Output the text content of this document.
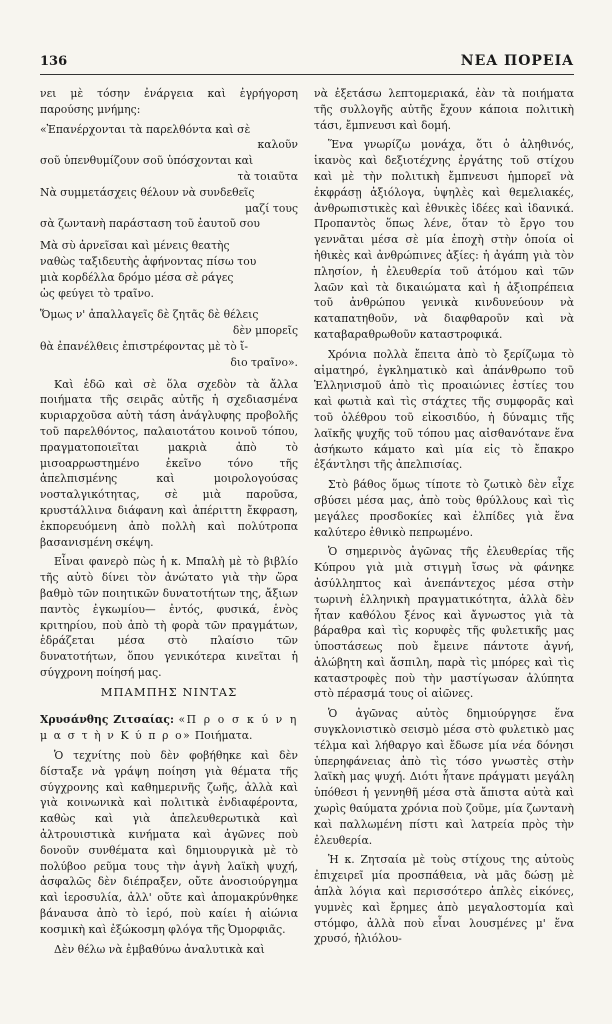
136	ΝΕΑ ΠΟΡΕΙΑ

νει μὲ τόσην ἐνάργεια καὶ ἐγρήγορση παρούσης μνήμης:

«Ἐπανέρχονται τὰ παρελθόντα καὶ σὲ
καλοῦν
σοῦ ὑπενθυμίζουν σοῦ ὑπόσχονται καὶ
τὰ τοιαῦτα
Νὰ συμμετάσχεις θέλουν νὰ συνδεθεῖς
μαζί τους
σὰ ζωντανὴ παράσταση τοῦ ἐαυτοῦ σου
Μὰ σὺ ἀρνεῖσαι καὶ μένεις θεατὴς
ναθὼς ταξιδευτὴς ἀφήνοντας πίσω του
μιὰ κορδέλλα δρόμο μέσα σὲ ράγες
ὡς φεύγει τὸ τραῖνο.
Ὅμως ν' ἀπαλλαγεῖς δὲ ζητᾶς δὲ θέλεις
δὲν μπορεῖς
θὰ ἐπανέλθεις ἐπιστρέφοντας μὲ τὸ ἴ-
διο τραῖνο».

Καὶ ἐδῶ καὶ σὲ ὅλα σχεδὸν τὰ ἄλλα ποιήματα τῆς σειρᾶς αὐτῆς ἡ σχεδιασμένα κυριαρχοῦσα αὐτὴ τάση ἀνάγλυφης προβολῆς τοῦ παρελθόντος, παλαιοτάτου κοινοῦ τόπου, πραγματοποιεῖται μακριὰ ἀπὸ τὸ μισοαρρωστημένο ἐκεῖνο τόνο τῆς ἀπελπισμένης καὶ μοιρολογούσας νοσταλγικότητας, σὲ μιὰ παροῦσα, κρυστάλλινα διάφανη καὶ ἀπέριττη ἔκφραση, ἐκπορευόμενη ἀπὸ πολλὴ καὶ πολύτροπα βασανισμένη σκέψη.

Εἶναι φανερὸ πὼς ἡ κ. Μπαλὴ μὲ τὸ βιβλίο τῆς αὐτὸ δίνει τὸν ἀνώτατο γιὰ τὴν ὥρα βαθμὸ τῶν ποιητικῶν δυνατοτήτων της, ἄξιων παντὸς ἐγκωμίου— ἐντός, φυσικά, ἑνὸς κριτηρίου, ποὺ ἀπὸ τὴ φορὰ τῶν πραγμάτων, ἑδράζεται μέσα στὸ πλαίσιο τῶν δυνατοτήτων, ὅπου γενικότερα κινεῖται ἡ σύγχρονη ποίησή μας.

ΜΠΑΜΠΗΣ ΝΙΝΤΑΣ

Χρυσάνθης Ζιτσαίας: «Π ρ ο σ κ ύ ν η μ α σ τ ὴ ν Κ ύ π ρ ο» Ποιήματα.

Ὁ τεχνίτης ποὺ δὲν φοβήθηκε καὶ δὲν δίσταξε νὰ γράψη ποίηση γιὰ θέματα τῆς σύγχρονης καὶ καθημερινῆς ζωῆς, ἀλλὰ καὶ γιὰ κοινωνικὰ καὶ πολιτικὰ ἐνδιαφέροντα, καθὼς καὶ γιὰ ἀπελευθερωτικὰ καὶ ἀλτρουιστικὰ κινήματα καὶ ἀγῶνες ποὺ δονοῦν συνθέματα καὶ δημιουργικὰ μὲ τὸ πολύβοο ρεῦμα τους τὴν ἀγνὴ λαϊκὴ ψυχή, ἀσφαλῶς δὲν διέπραξεν, οὔτε ἀνοσιούργημα καὶ ἱεροσυλία, ἀλλ' οὔτε καὶ ἀπομακρύνθηκε βάναυσα ἀπὸ τὸ ἱερό, ποὺ καίει ἡ αἰώνια κοσμικὴ καὶ ἐξώκοσμη φλόγα τῆς Ὀμορφιᾶς.

Δὲν θέλω νὰ ἐμβαθύνω ἀναλυτικὰ καὶ

νὰ ἐξετάσω λεπτομεριακά, ἐὰν τὰ ποιήματα τῆς συλλογῆς αὐτῆς ἔχουν κάποια πολιτικὴ τάσι, ἔμπνευσι καὶ δομή.

Ἕνα γνωρίζω μονάχα, ὅτι ὁ ἀληθινός, ἱκανὸς καὶ δεξιοτέχνης ἐργάτης τοῦ στίχου καὶ μὲ τὴν πολιτικὴ ἔμπνευσι ἡμπορεῖ νὰ ἐκφράσῃ ἀξιόλογα, ὑψηλὲς καὶ θεμελιακές, ἀνθρωπιστικὲς καὶ ἐθνικὲς ἰδέες καὶ ἰδανικά. Προπαντὸς ὅπως λένε, ὅταν τὸ ἔργο του γεννᾶται μέσα σὲ μία ἐποχὴ στὴν ὁποία οἱ ἠθικὲς καὶ ἀνθρώπινες ἀξίες: ἡ ἀγάπη γιὰ τὸν πλησίον, ἡ ἐλευθερία τοῦ ἀτόμου καὶ τῶν λαῶν καὶ τὰ δικαιώματα καὶ ἡ ἀξιοπρέπεια τοῦ ἀνθρώπου γενικὰ κινδυνεύουν νὰ καταπατηθοῦν, νὰ διαφθαροῦν καὶ νὰ καταβαραθρωθοῦν καταστροφικά.

Χρόνια πολλὰ ἔπειτα ἀπὸ τὸ ξερίζωμα τὸ αἱματηρό, ἐγκληματικὸ καὶ ἀπάνθρωπο τοῦ Ἑλληνισμοῦ ἀπὸ τὶς προαιώνιες ἑστίες του καὶ φωτιὰ καὶ τὶς στάχτες τῆς συμφορᾶς καὶ τοῦ ὀλέθρου τοῦ εἰκοσιδύο, ἡ δύναμις τῆς λαϊκῆς ψυχῆς τοῦ τόπου μας αἰσθανότανε ἕνα ἀσήκωτο κάματο καὶ μία εἰς τὸ ἔπακρο ἐξάντλησι τῆς ἀπελπισίας.

Στὸ βάθος ὅμως τίποτε τὸ ζωτικὸ δὲν εἶχε σβύσει μέσα μας, ἀπὸ τοὺς θρύλλους καὶ τὶς μεγάλες προσδοκίες καὶ ἐλπίδες γιὰ ἕνα καλύτερο ἐθνικὸ πεπρωμένο.

Ὁ σημερινὸς ἀγῶνας τῆς ἐλευθερίας τῆς Κύπρου γιὰ μιὰ στιγμὴ ἴσως νὰ φάνηκε ἀσύλληπτος καὶ ἀνεπάντεχος μέσα στὴν τωρινὴ ἑλληνικὴ πραγματικότητα, ἀλλὰ δὲν ἦταν καθόλου ξένος καὶ ἄγνωστος γιὰ τὰ βάραθρα καὶ τὶς κορυφὲς τῆς φυλετικῆς μας ὑποστάσεως ποὺ ἔμεινε πάντοτε ἀγνή, ἀλώβητη καὶ ἄσπιλη, παρὰ τὶς μπόρες καὶ τὶς καταστροφὲς ποὺ τὴν μαστίγωσαν ἀλύπητα στὸ πέρασμά τους οἱ αἰῶνες.

Ὁ ἀγῶνας αὐτὸς δημιούργησε ἕνα συγκλονιστικὸ σεισμὸ μέσα στὸ φυλετικὸ μας τέλμα καὶ λήθαργο καὶ ἔδωσε μία νέα δόνησι ὑπερηφάνειας ἀπὸ τὶς τόσο γνωστὲς στὴν λαϊκὴ μας ψυχή. Διότι ἦτανε πράγματι μεγάλη ὑπόθεσι ἡ γεννηθῆ μέσα στὰ ἄπιστα αὐτὰ καὶ χωρὶς θαύματα χρόνια ποὺ ζοῦμε, μία ζωντανὴ καὶ παλλωμένη πίστι καὶ λατρεία πρὸς τὴν ἐλευθερία.

Ἡ κ. Ζητσαία μὲ τοὺς στίχους της αὐτοὺς ἐπιχειρεῖ μία προσπάθεια, νὰ μᾶς δώσῃ μὲ ἁπλὰ λόγια καὶ περισσότερο ἁπλὲς εἰκόνες, γυμνὲς καὶ ἔρημες ἀπὸ μεγαλοστομία καὶ στόμφο, ἀλλὰ ποὺ εἶναι λουσμένες μ' ἕνα χρυσό, ἡλιόλου-
